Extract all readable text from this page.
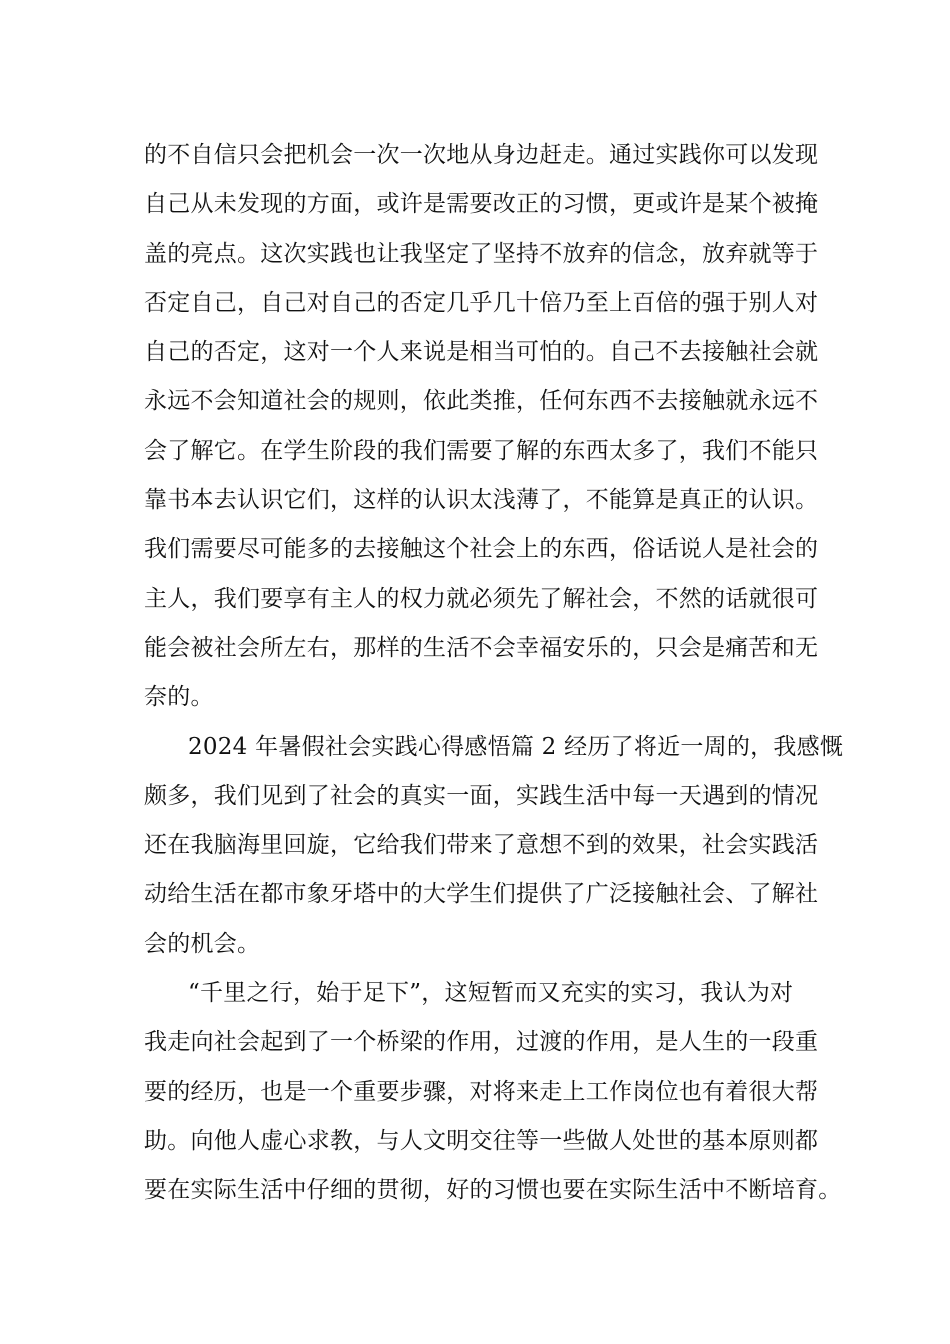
的不自信只会把机会一次一次地从身边赶走。通过实践你可以发现
自己从未发现的方面，或许是需要改正的习惯，更或许是某个被掩
盖的亮点。这次实践也让我坚定了坚持不放弃的信念，放弃就等于
否定自己，自己对自己的否定几乎几十倍乃至上百倍的强于别人对
自己的否定，这对一个人来说是相当可怕的。自己不去接触社会就
永远不会知道社会的规则，依此类推，任何东西不去接触就永远不
会了解它。在学生阶段的我们需要了解的东西太多了，我们不能只
靠书本去认识它们，这样的认识太浅薄了，不能算是真正的认识。
我们需要尽可能多的去接触这个社会上的东西，俗话说人是社会的
主人，我们要享有主人的权力就必须先了解社会，不然的话就很可
能会被社会所左右，那样的生活不会幸福安乐的，只会是痛苦和无
奈的。
2024 年暑假社会实践心得感悟篇 2 经历了将近一周的，我感慨
颇多，我们见到了社会的真实一面，实践生活中每一天遇到的情况
还在我脑海里回旋，它给我们带来了意想不到的效果，社会实践活
动给生活在都市象牙塔中的大学生们提供了广泛接触社会、了解社
会的机会。
“千里之行，始于足下”，这短暂而又充实的实习，我认为对
我走向社会起到了一个桥梁的作用，过渡的作用，是人生的一段重
要的经历，也是一个重要步骤，对将来走上工作岗位也有着很大帮
助。向他人虚心求教，与人文明交往等一些做人处世的基本原则都
要在实际生活中仔细的贯彻，好的习惯也要在实际生活中不断培育。
